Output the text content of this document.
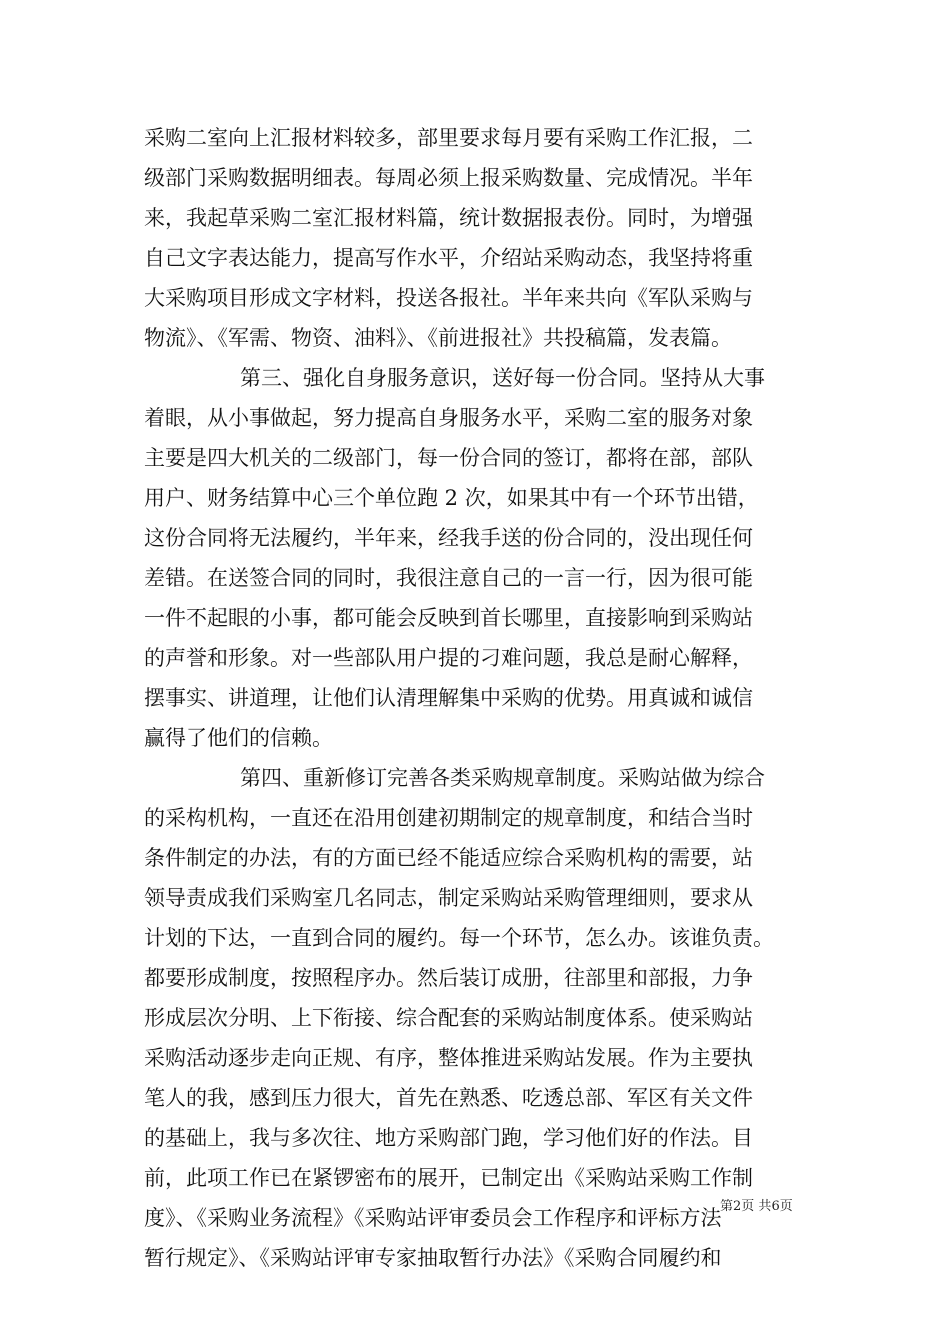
采购二室向上汇报材料较多，部里要求每月要有采购工作汇报，二
级部门采购数据明细表。每周必须上报采购数量、完成情况。半年
来，我起草采购二室汇报材料篇，统计数据报表份。同时，为增强
自己文字表达能力，提高写作水平，介绍站采购动态，我坚持将重
大采购项目形成文字材料，投送各报社。半年来共向《军队采购与
物流》、《军需、物资、油料》、《前进报社》共投稿篇，发表篇。
第三、强化自身服务意识，送好每一份合同。坚持从大事
着眼，从小事做起，努力提高自身服务水平，采购二室的服务对象
主要是四大机关的二级部门，每一份合同的签订，都将在部，部队
用户、财务结算中心三个单位跑 2 次，如果其中有一个环节出错，
这份合同将无法履约，半年来，经我手送的份合同的，没出现任何
差错。在送签合同的同时，我很注意自己的一言一行，因为很可能
一件不起眼的小事，都可能会反映到首长哪里，直接影响到采购站
的声誉和形象。对一些部队用户提的刁难问题，我总是耐心解释，
摆事实、讲道理，让他们认清理解集中采购的优势。用真诚和诚信
赢得了他们的信赖。
第四、重新修订完善各类采购规章制度。采购站做为综合
的采构机构，一直还在沿用创建初期制定的规章制度，和结合当时
条件制定的办法，有的方面已经不能适应综合采购机构的需要，站
领导责成我们采购室几名同志，制定采购站采购管理细则，要求从
计划的下达，一直到合同的履约。每一个环节，怎么办。该谁负责。
都要形成制度，按照程序办。然后装订成册，往部里和部报，力争
形成层次分明、上下衔接、综合配套的采购站制度体系。使采购站
采购活动逐步走向正规、有序，整体推进采购站发展。作为主要执
笔人的我，感到压力很大，首先在熟悉、吃透总部、军区有关文件
的基础上，我与多次往、地方采购部门跑，学习他们好的作法。目
前，此项工作已在紧锣密布的展开，已制定出《采购站采购工作制
度》、《采购业务流程》《采购站评审委员会工作程序和评标方法
暂行规定》、《采购站评审专家抽取暂行办法》《采购合同履约和
第2页 共6页
